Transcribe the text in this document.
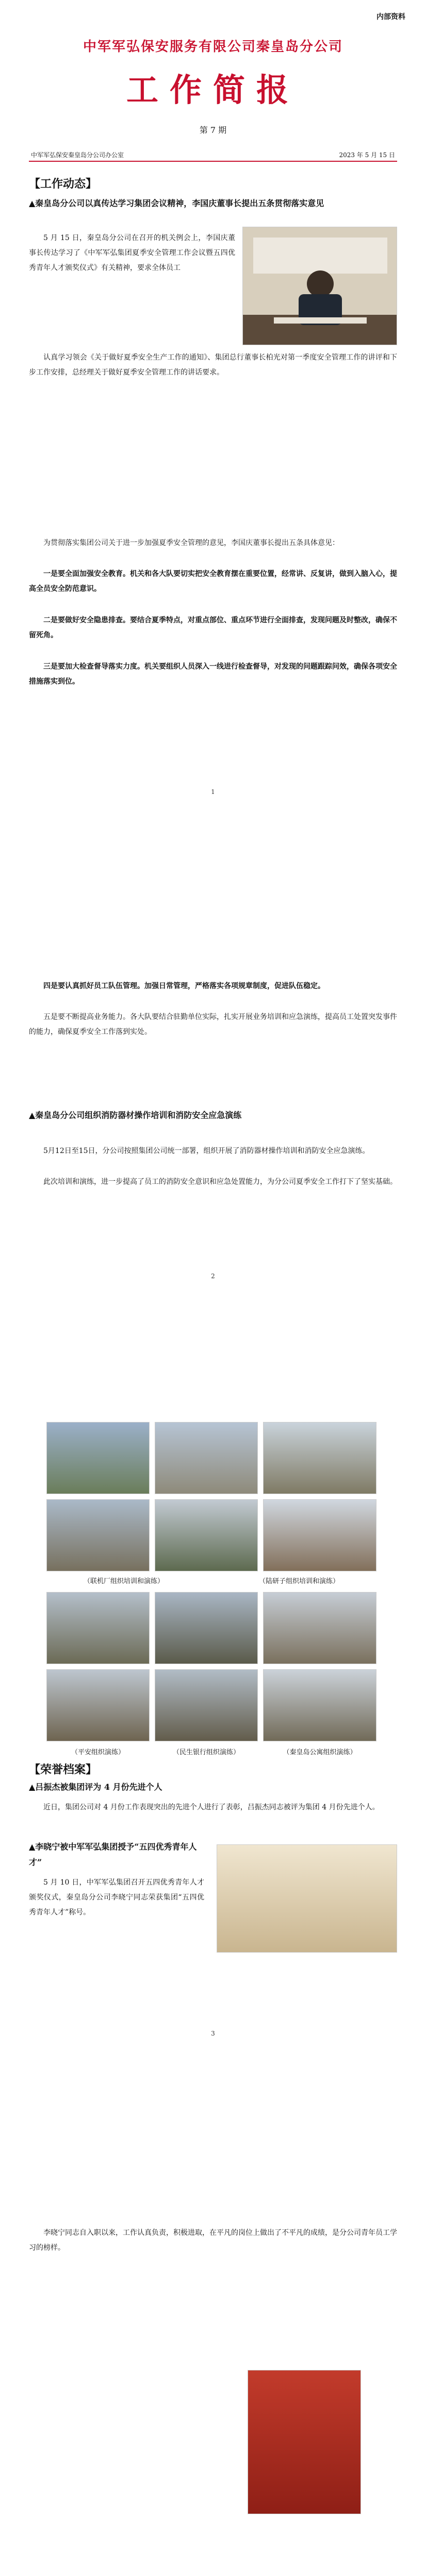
内部资料
中军军弘保安服务有限公司秦皇岛分公司
工作简报
第 7 期
中军军弘保安秦皇岛分公司办公室	2023 年 5 月 15 日
【工作动态】
▲秦皇岛分公司以真传达学习集团会议精神，李国庆董事长提出五条贯彻落实意见
5 月 15 日，秦皇岛分公司在召开的机关例会上，李国庆董事长传达学习了《中军军弘集团夏季安全管理工作会议暨五四优秀青年人才颁奖仪式》有关精神，要求全体员工
认真学习领会《关于做好夏季安全生产工作的通知》、集团总行董事长柏光对第一季度安全管理工作的讲评和下步工作安排，总经理关于做好夏季安全管理工作的讲话要求。
为贯彻落实集团公司关于进一步加强夏季安全管理的意见，李国庆董事长提出五条具体意见：
一是要全面加强安全教育。机关和各大队要切实把安全教育摆在重要位置，经常讲、反复讲，做到入脑入心，提高全员安全防范意识。
二是要做好安全隐患排查。要结合夏季特点，对重点部位、重点环节进行全面排查，发现问题及时整改，确保不留死角。
三是要加大检查督导落实力度。机关要组织人员深入一线进行检查督导，对发现的问题跟踪问效，确保各项安全措施落实到位。
1
四是要认真抓好员工队伍管理。加强日常管理，严格落实各项规章制度，促进队伍稳定。
五是要不断提高业务能力。各大队要结合驻勤单位实际，扎实开展业务培训和应急演练，提高员工处置突发事件的能力，确保夏季安全工作落到实处。
▲秦皇岛分公司组织消防器材操作培训和消防安全应急演练
5月12日至15日，分公司按照集团公司统一部署，组织开展了消防器材操作培训和消防安全应急演练。
此次培训和演练，进一步提高了员工的消防安全意识和应急处置能力，为分公司夏季安全工作打下了坚实基础。
2
（联机厂组织培训和演练）	（陆研子组织培训和演练）
（平安组织演练）	（民生银行组织演练）	（秦皇岛公寓组织演练）
【荣誉档案】
▲吕振杰被集团评为 4 月份先进个人
近日，集团公司对 4 月份工作表现突出的先进个人进行了表彰，吕振杰同志被评为集团 4 月份先进个人。
▲李晓宁被中军军弘集团授予“五四优秀青年人才”
5 月 10 日，中军军弘集团召开五四优秀青年人才颁奖仪式，秦皇岛分公司李晓宁同志荣获集团“五四优秀青年人才”称号。
3
李晓宁同志自入职以来，工作认真负责，积极进取，在平凡的岗位上做出了不平凡的成绩，是分公司青年员工学习的榜样。
